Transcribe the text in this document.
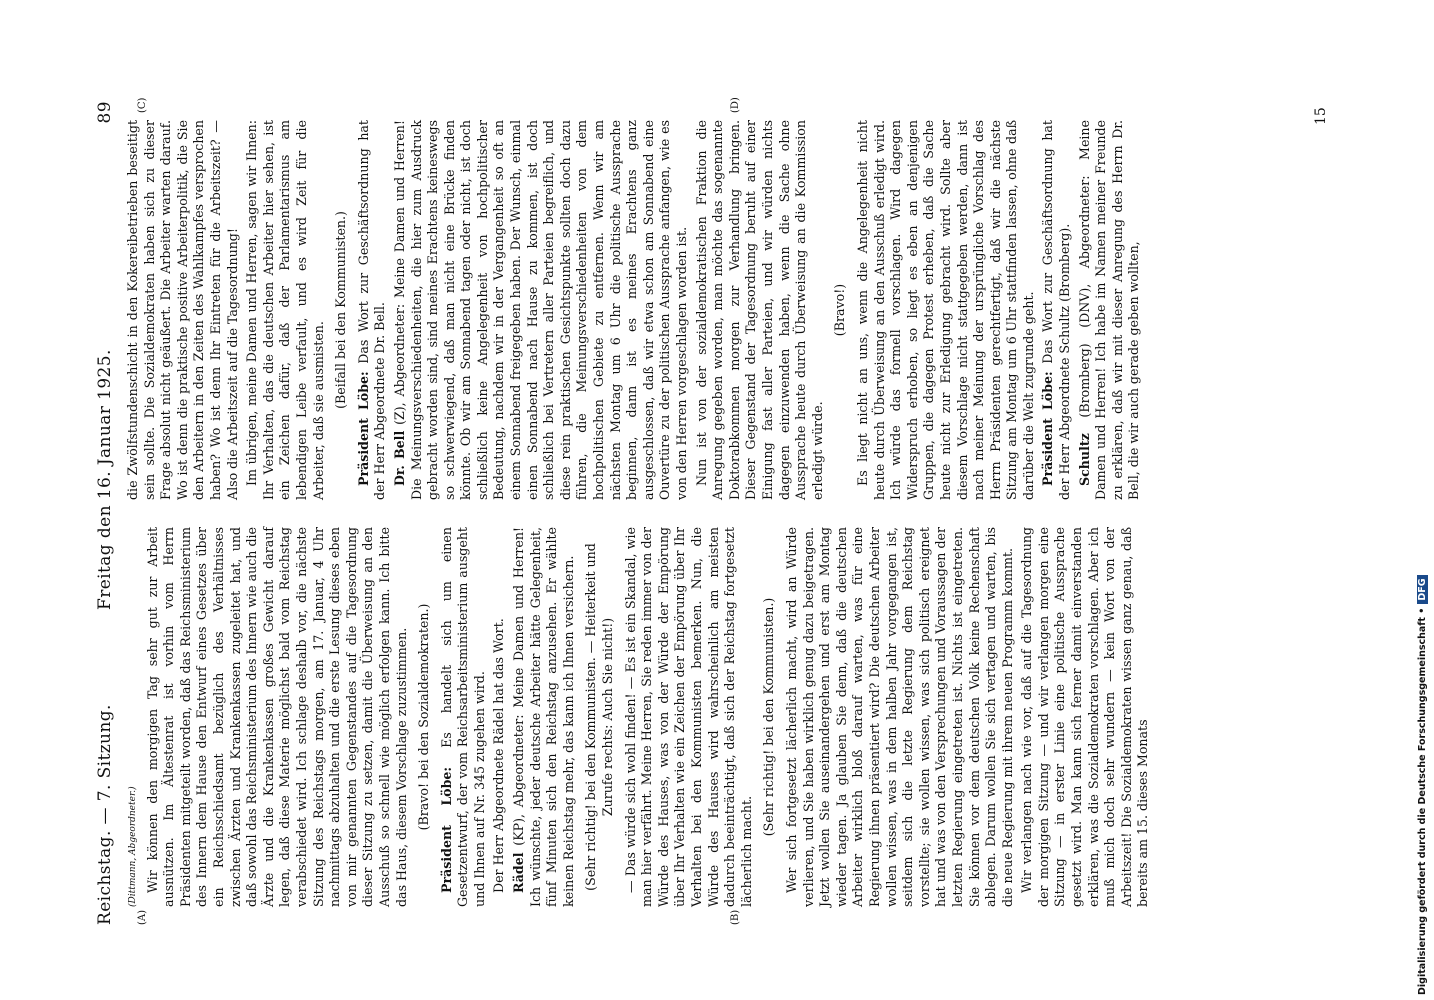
Reichstag. — 7. Sitzung.
Freitag den 16. Januar 1925.
89
(A)	(B)
(C)	(D)

(Dittmann, Abgeordneter.) Wir können den morgigen Tag sehr gut zur Arbeit ausnützen. Im Ältestenrat ist vorhin vom Herrn Präsidenten mitgeteilt worden, daß das Reichsministerium des Innern dem Hause den Entwurf eines Gesetzes über ein Reichsschiedsamt bezüglich des Verhältnisses zwischen Ärzten und Krankenkassen zugeleitet hat, und daß sowohl das Reichsministerium des Innern wie auch die Ärzte und die Krankenkassen großes Gewicht darauf legen, daß diese Materie möglichst bald vom Reichstag verabschiedet wird. Ich schlage deshalb vor, die nächste Sitzung des Reichstags morgen, am 17. Januar, 4 Uhr nachmittags abzuhalten und die erste Lesung dieses eben von mir genannten Gegenstandes auf die Tagesordnung dieser Sitzung zu setzen, damit die Überweisung an den Ausschuß so schnell wie möglich erfolgen kann. Ich bitte das Haus, diesem Vorschlage zuzustimmen. (Bravo! bei den Sozialdemokraten.) Präsident Löbe: Es handelt sich um einen Gesetzentwurf, der vom Reichsarbeitsministerium ausgeht und Ihnen auf Nr. 345 zugehen wird. Der Herr Abgeordnete Rädel hat das Wort. Rädel (KP), Abgeordneter: Meine Damen und Herren! Ich wünschte, jeder deutsche Arbeiter hätte Gelegenheit, fünf Minuten sich den Reichstag anzusehen. Er wählte keinen Reichstag mehr, das kann ich Ihnen versichern. (Sehr richtig! bei den Kommunisten. — Heiterkeit und Zurufe rechts: Auch Sie nicht!) — Das würde sich wohl finden! — Es ist ein Skandal, wie man hier verfährt. Meine Herren, Sie reden immer von der Würde des Hauses, was von der Würde der Empörung über Ihr Verhalten wie ein Zeichen der Empörung über Ihr Verhalten bei den Kommunisten bemerken. Nun, die Würde des Hauses wird wahrscheinlich am meisten dadurch beeinträchtigt, daß sich der Reichstag fortgesetzt lächerlich macht.

(Sehr richtig! bei den Kommunisten.) Wer sich fortgesetzt lächerlich macht, wird an Würde verlieren, und Sie haben wirklich genug dazu beigetragen. Jetzt wollen Sie auseinandergehen und erst am Montag wieder tagen. Ja glauben Sie denn, daß die deutschen Arbeiter wirklich bloß darauf warten, was für eine Regierung ihnen präsentiert wird? Die deutschen Arbeiter wollen wissen, was in dem halben Jahr vorgegangen ist, seitdem sich die letzte Regierung dem Reichstag vorstellte; sie wollen wissen, was sich politisch ereignet hat und was von den Versprechungen und Voraussagen der letzten Regierung eingetreten ist. Nichts ist eingetreten. Sie können vor dem deutschen Volk keine Rechenschaft ablegen. Darum wollen Sie sich vertagen und warten, bis die neue Regierung mit ihrem neuen Programm kommt. Wir verlangen nach wie vor, daß auf die Tagesordnung der morgigen Sitzung — und wir verlangen morgen eine Sitzung — in erster Linie eine politische Aussprache gesetzt wird. Man kann sich ferner damit einverstanden erklären, was die Sozialdemokraten vorschlagen. Aber ich muß mich doch sehr wundern — kein Wort von der Arbeitszeit! Die Sozialdemokraten wissen ganz genau, daß bereits am 15. dieses Monats

die Zwölfstundenschicht in den Kokereibetrieben beseitigt sein sollte. Die Sozialdemokraten haben sich zu dieser Frage absolut nicht geäußert. Die Arbeiter warten darauf. Wo ist denn die praktische positive Arbeiterpolitik, die Sie den Arbeitern in den Zeiten des Wahlkampfes versprochen haben? Wo ist denn Ihr Eintreten für die Arbeitszeit? — Also die Arbeitszeit auf die Tagesordnung! Im übrigen, meine Damen und Herren, sagen wir Ihnen: Ihr Verhalten, das die deutschen Arbeiter hier sehen, ist ein Zeichen dafür, daß der Parlamentarismus am lebendigen Leibe verfault, und es wird Zeit für die Arbeiter, daß sie ausmisten.

(Beifall bei den Kommunisten.)

Präsident Löbe: Das Wort zur Geschäftsordnung hat der Herr Abgeordnete Dr. Bell. Dr. Bell (Z), Abgeordneter: Meine Damen und Herren! Die Meinungsverschiedenheiten, die hier zum Ausdruck gebracht worden sind, sind meines Erachtens keineswegs so schwerwiegend, daß man nicht eine Brücke finden könnte. Ob wir am Sonnabend tagen oder nicht, ist doch schließlich keine Angelegenheit von hochpolitischer Bedeutung, nachdem wir in der Vergangenheit so oft an einem Sonnabend freigegeben haben. Der Wunsch, einmal einen Sonnabend nach Hause zu kommen, ist doch schließlich bei Vertretern aller Parteien begreiflich, und diese rein praktischen Gesichtspunkte sollten doch dazu führen, die Meinungsverschiedenheiten von dem hochpolitischen Gebiete zu entfernen. Wenn wir am nächsten Montag um 6 Uhr die politische Aussprache beginnen, dann ist es meines Erachtens ganz ausgeschlossen, daß wir etwa schon am Sonnabend eine Ouvertüre zu der politischen Aussprache anfangen, wie es von den Herren vorgeschlagen worden ist. Nun ist von der sozialdemokratischen Fraktion die Anregung gegeben worden, man möchte das sogenannte Doktorabkommen morgen zur Verhandlung bringen. Dieser Gegenstand der Tagesordnung beruht auf einer Einigung fast aller Parteien, und wir würden nichts dagegen einzuwenden haben, wenn die Sache ohne Aussprache heute durch Überweisung an die Kommission erledigt würde.

(Bravo!) Es liegt nicht an uns, wenn die Angelegenheit nicht heute durch Überweisung an den Ausschuß erledigt wird. Ich würde das formell vorschlagen. Wird dagegen Widerspruch erhoben, so liegt es eben an denjenigen Gruppen, die dagegen Protest erheben, daß die Sache heute nicht zur Erledigung gebracht wird. Sollte aber diesem Vorschlage nicht stattgegeben werden, dann ist nach meiner Meinung der ursprüngliche Vorschlag des Herrn Präsidenten gerechtfertigt, daß wir die nächste Sitzung am Montag um 6 Uhr stattfinden lassen, ohne daß darüber die Welt zugrunde geht. Präsident Löbe: Das Wort zur Geschäftsordnung hat der Herr Abgeordnete Schultz (Bromberg). Schultz (Bromberg) (DNV), Abgeordneter: Meine Damen und Herren! Ich habe im Namen meiner Freunde zu erklären, daß wir mit dieser Anregung des Herrn Dr. Bell, die wir auch gerade geben wollten,

15
Digitalisierung gefördert durch die Deutsche Forschungsgemeinschaft •DFG
